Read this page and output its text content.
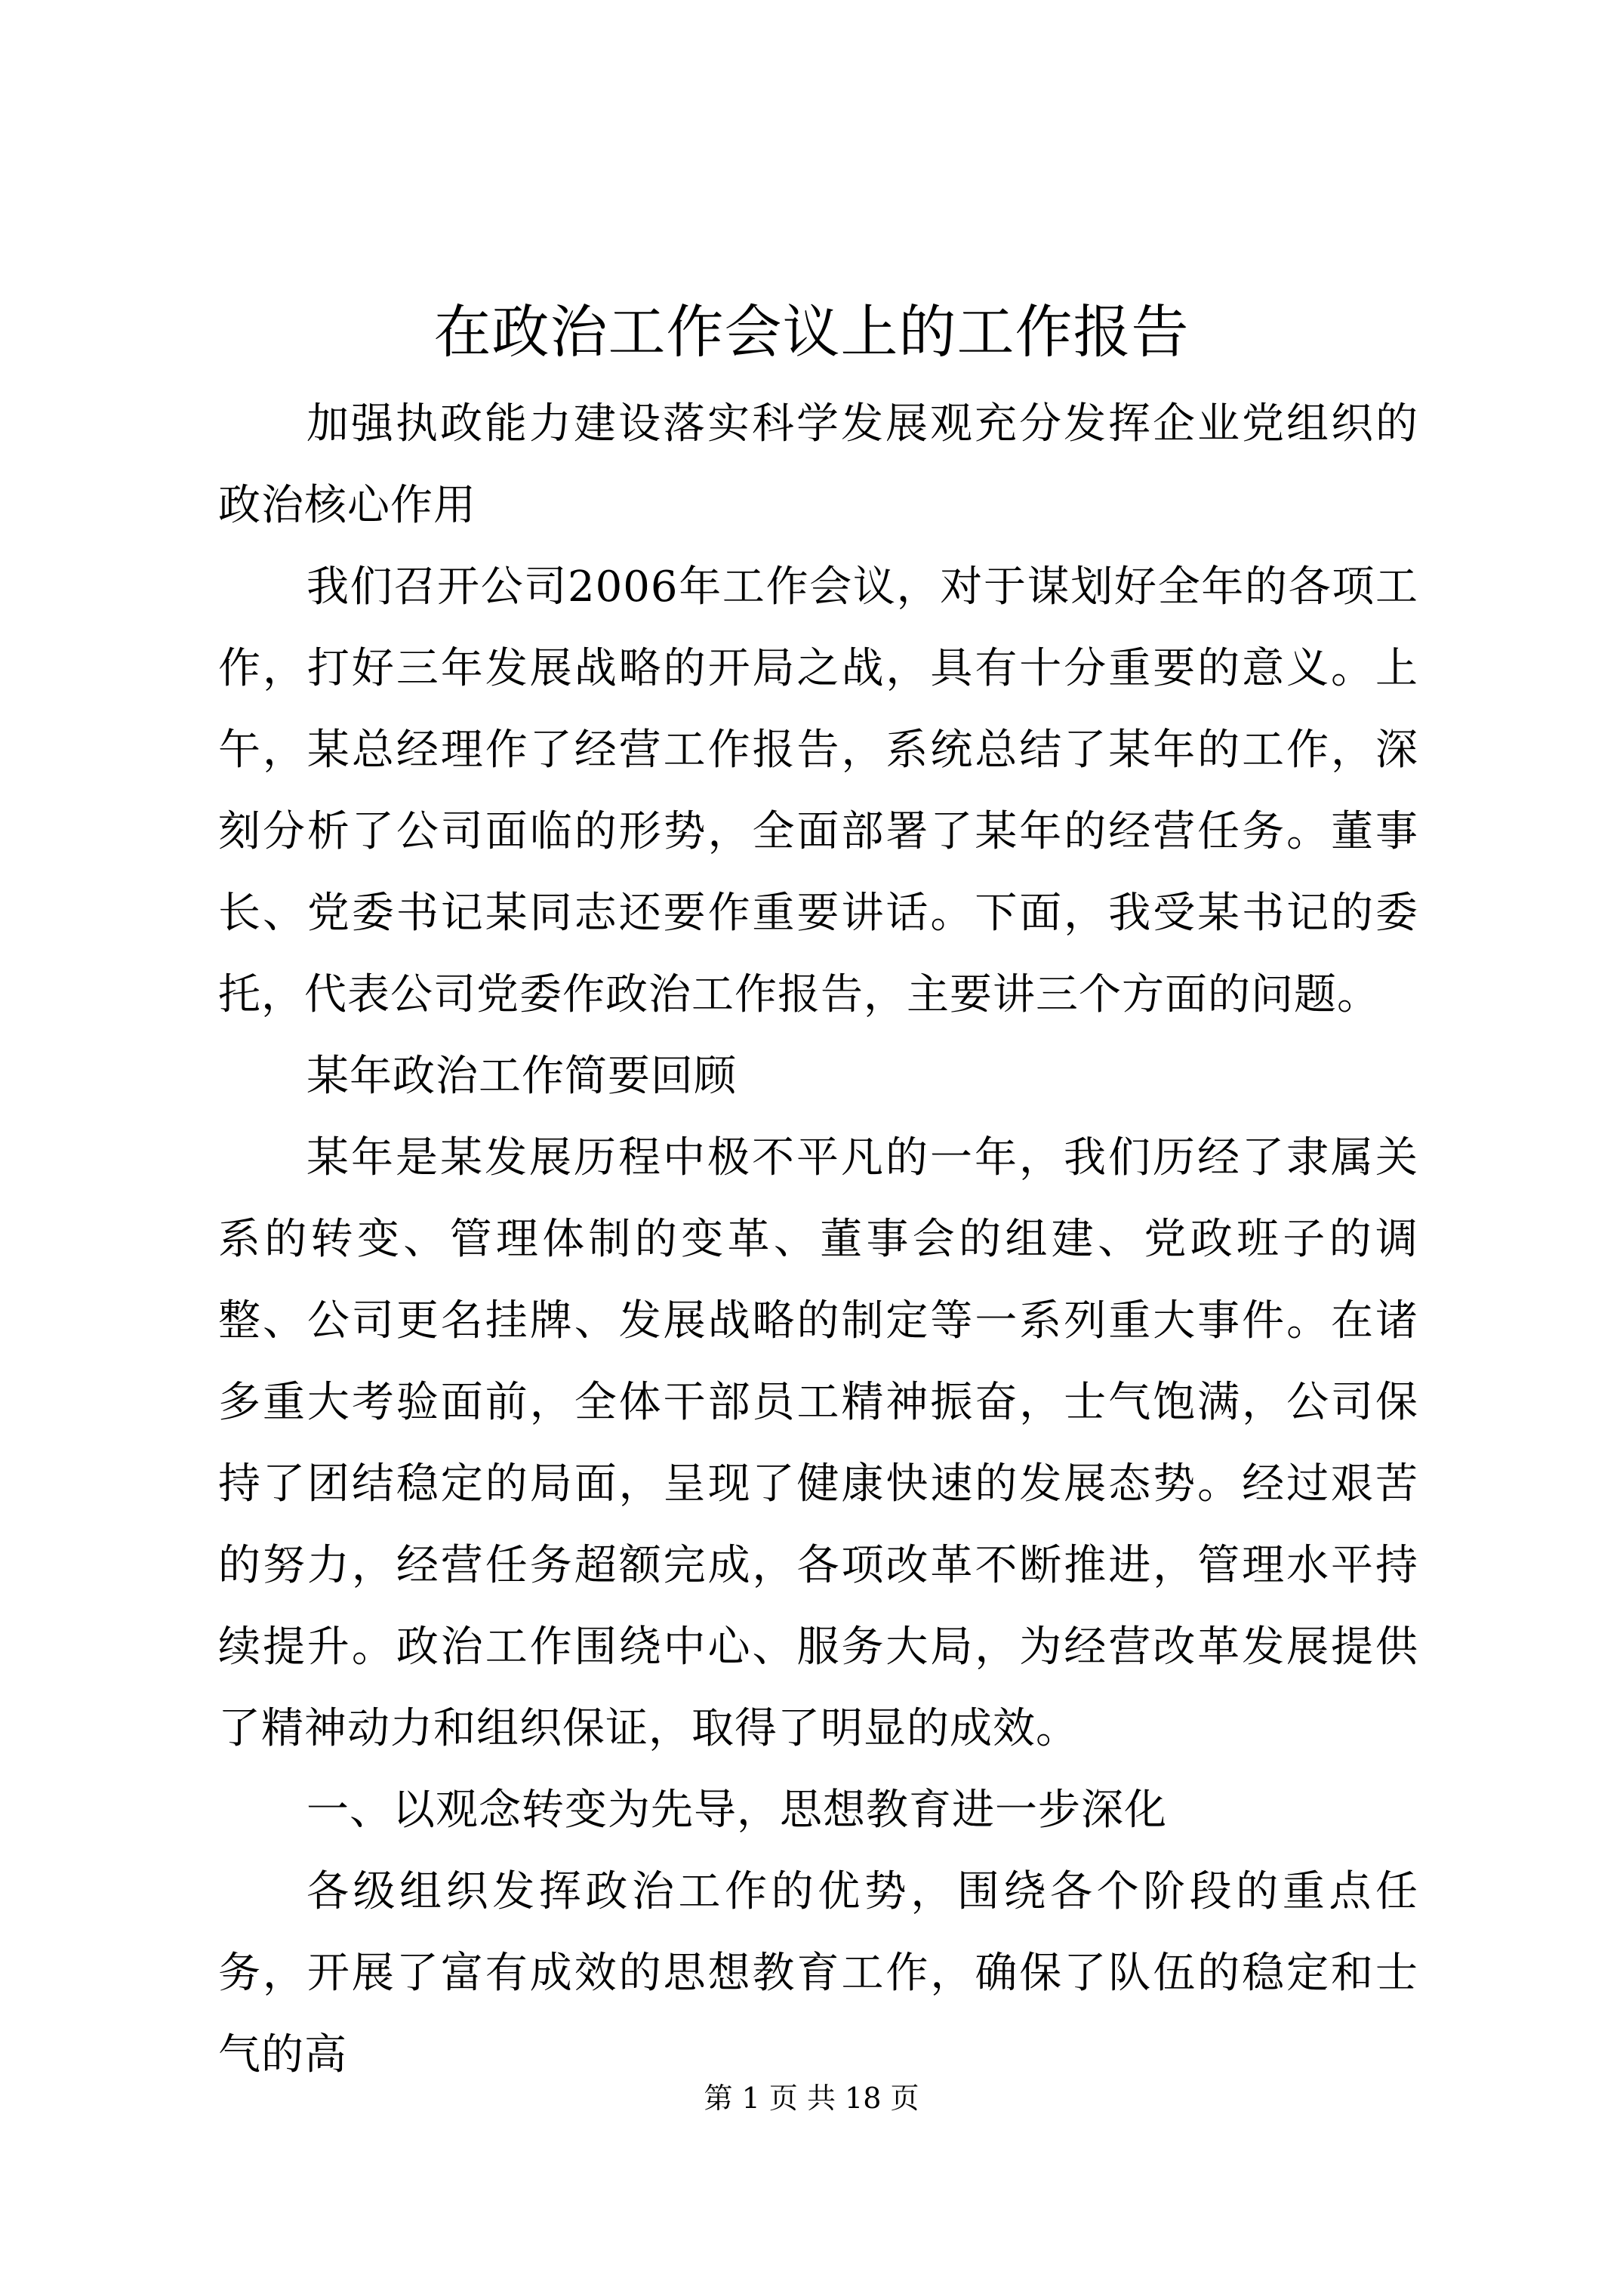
在政治工作会议上的工作报告

加强执政能力建设落实科学发展观充分发挥企业党组织的政治核心作用

我们召开公司2006年工作会议，对于谋划好全年的各项工作，打好三年发展战略的开局之战，具有十分重要的意义。上午，某总经理作了经营工作报告，系统总结了某年的工作，深刻分析了公司面临的形势，全面部署了某年的经营任务。董事长、党委书记某同志还要作重要讲话。下面，我受某书记的委托，代表公司党委作政治工作报告，主要讲三个方面的问题。

某年政治工作简要回顾

某年是某发展历程中极不平凡的一年，我们历经了隶属关系的转变、管理体制的变革、董事会的组建、党政班子的调整、公司更名挂牌、发展战略的制定等一系列重大事件。在诸多重大考验面前，全体干部员工精神振奋，士气饱满，公司保持了团结稳定的局面，呈现了健康快速的发展态势。经过艰苦的努力，经营任务超额完成，各项改革不断推进，管理水平持续提升。政治工作围绕中心、服务大局，为经营改革发展提供了精神动力和组织保证，取得了明显的成效。

一、以观念转变为先导，思想教育进一步深化

各级组织发挥政治工作的优势，围绕各个阶段的重点任务，开展了富有成效的思想教育工作，确保了队伍的稳定和士气的高

第 1 页 共 18 页
